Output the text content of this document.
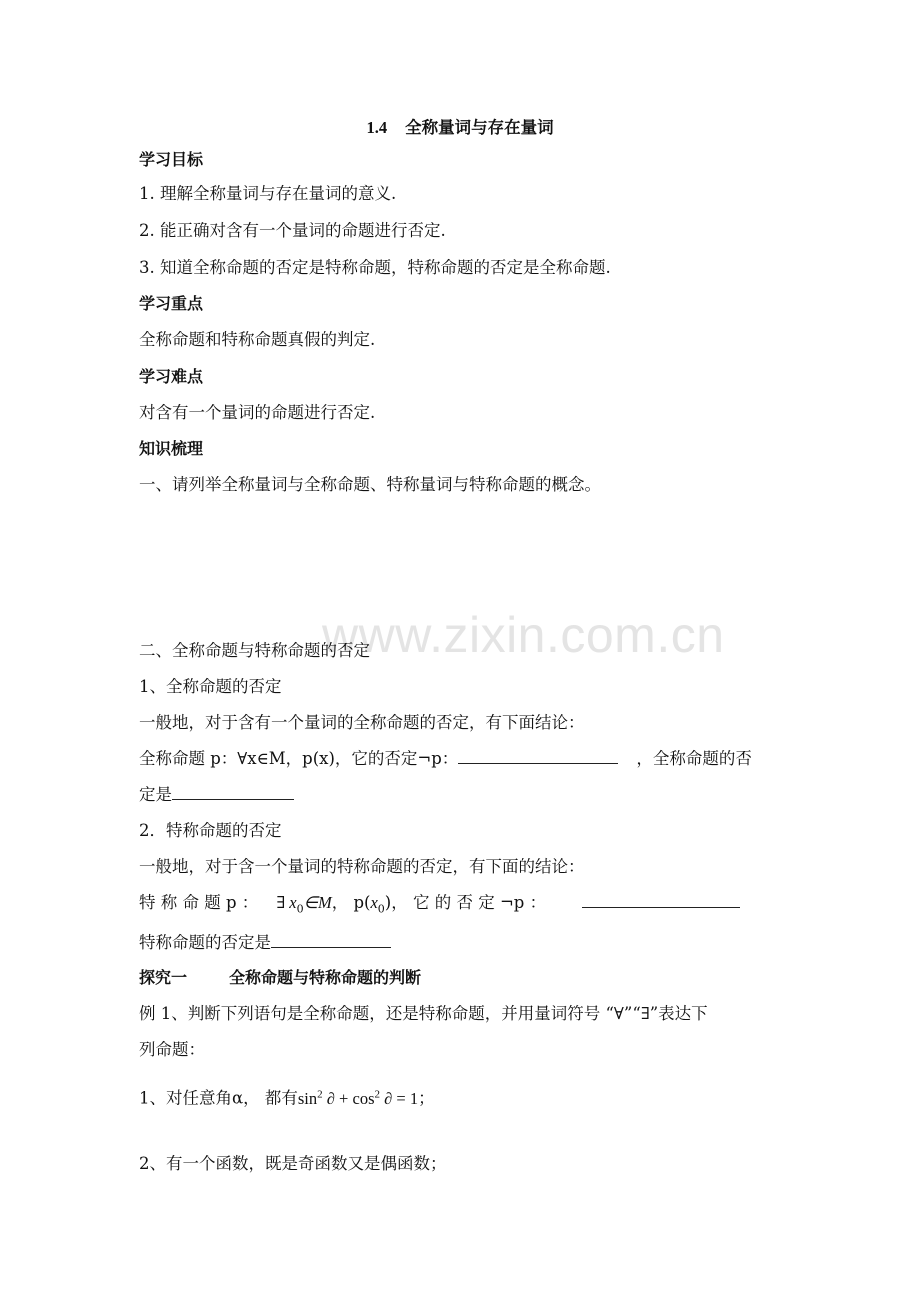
1.4 全称量词与存在量词
学习目标
1. 理解全称量词与存在量词的意义.
2. 能正确对含有一个量词的命题进行否定.
3. 知道全称命题的否定是特称命题，特称命题的否定是全称命题.
学习重点
全称命题和特称命题真假的判定.
学习难点
对含有一个量词的命题进行否定.
知识梳理
一、请列举全称量词与全称命题、特称量词与特称命题的概念。
www.zixin.com.cn
二、全称命题与特称命题的否定
1、全称命题的否定
一般地，对于含有一个量词的全称命题的否定，有下面结论：
全称命题 p：∀x∈M，p(x)，它的否定¬p：	，全称命题的否
定是
2．特称命题的否定
一般地，对于含一个量词的特称命题的否定，有下面的结论：
特 称 命 题 p ： ∃ $x_0\in M$， $p(x_0)$， 它 的 否 定 ¬p ：
特称命题的否定是
探究一	全称命题与特称命题的判断
例 1、判断下列语句是全称命题，还是特称命题，并用量词符号 “∀”“∃”表达下
列命题：
1、对任意角α， 都有$\sin^2$ ∂ + $\cos^2$ ∂ = 1；
2、有一个函数，既是奇函数又是偶函数；
